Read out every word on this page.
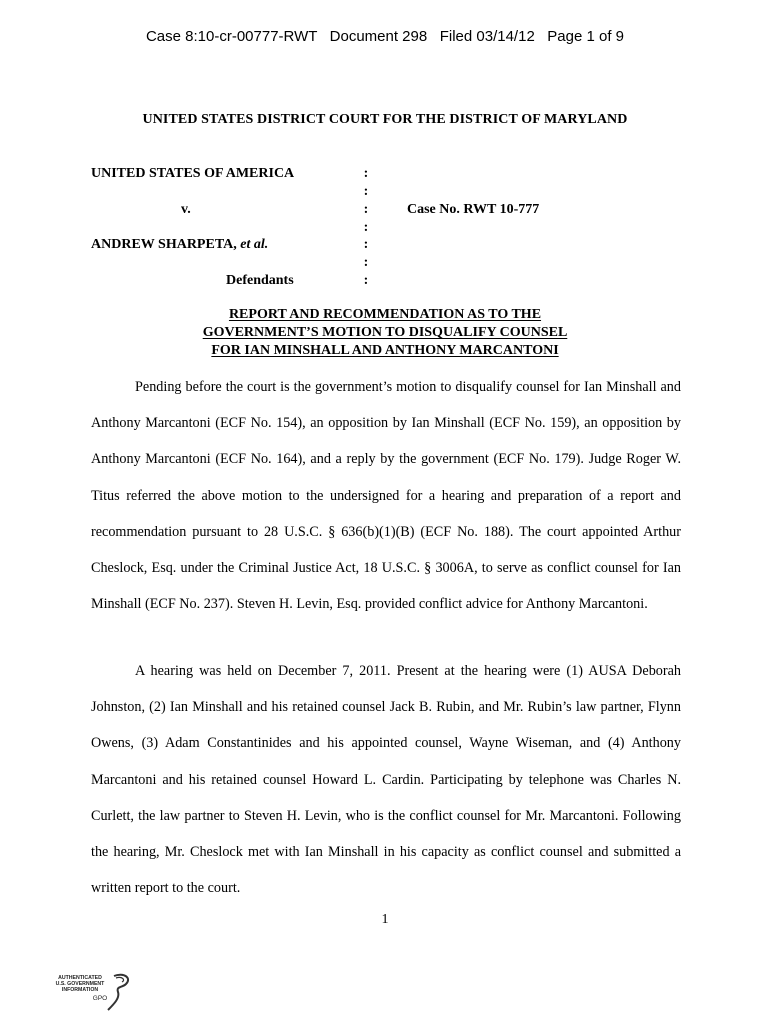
Case 8:10-cr-00777-RWT   Document 298   Filed 03/14/12   Page 1 of 9
UNITED STATES DISTRICT COURT FOR THE DISTRICT OF MARYLAND
UNITED STATES OF AMERICA
v.
ANDREW SHARPETA, et al.
Defendants
Case No. RWT 10-777
:
:
:
:
:
:
:
REPORT AND RECOMMENDATION AS TO THE
GOVERNMENT’S MOTION TO DISQUALIFY COUNSEL
FOR IAN MINSHALL AND ANTHONY MARCANTONI

Pending before the court is the government’s motion to disqualify counsel for Ian Minshall and Anthony Marcantoni (ECF No. 154), an opposition by Ian Minshall (ECF No. 159), an opposition by Anthony Marcantoni (ECF No. 164), and a reply by the government (ECF No. 179). Judge Roger W. Titus referred the above motion to the undersigned for a hearing and preparation of a report and recommendation pursuant to 28 U.S.C. § 636(b)(1)(B) (ECF No. 188). The court appointed Arthur Cheslock, Esq. under the Criminal Justice Act, 18 U.S.C. § 3006A, to serve as conflict counsel for Ian Minshall (ECF No. 237). Steven H. Levin, Esq. provided conflict advice for Anthony Marcantoni.

A hearing was held on December 7, 2011. Present at the hearing were (1) AUSA Deborah Johnston, (2) Ian Minshall and his retained counsel Jack B. Rubin, and Mr. Rubin’s law partner, Flynn Owens, (3) Adam Constantinides and his appointed counsel, Wayne Wiseman, and (4) Anthony Marcantoni and his retained counsel Howard L. Cardin. Participating by telephone was Charles N. Curlett, the law partner to Steven H. Levin, who is the conflict counsel for Mr. Marcantoni. Following the hearing, Mr. Cheslock met with Ian Minshall in his capacity as conflict counsel and submitted a written report to the court.

1
AUTHENTICATED
U.S. GOVERNMENT
INFORMATION
GPO
